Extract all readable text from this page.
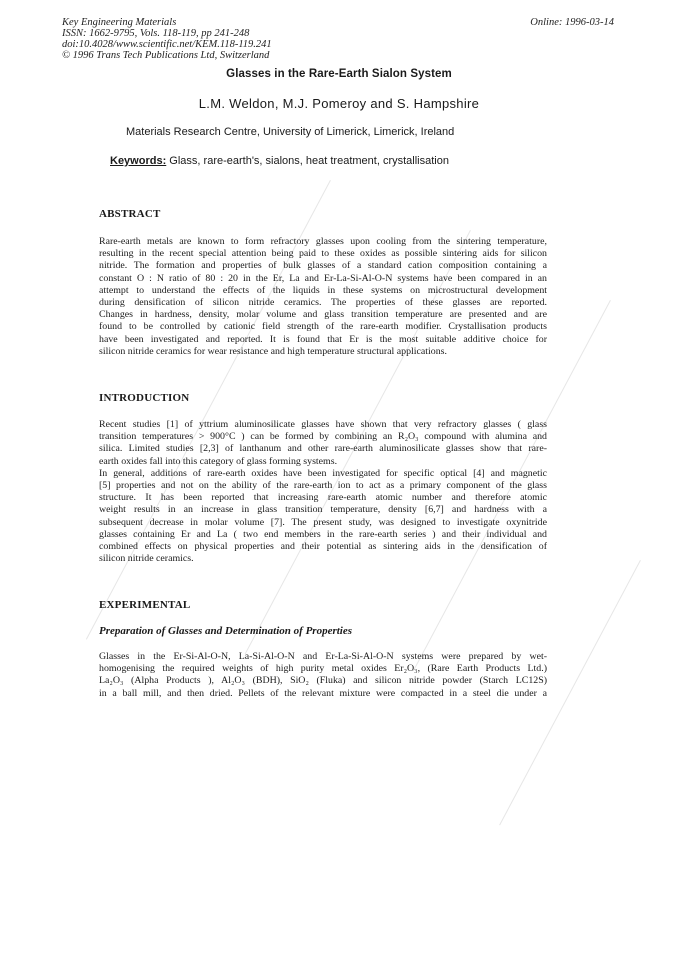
Key Engineering Materials
ISSN: 1662-9795, Vols. 118-119, pp 241-248
doi:10.4028/www.scientific.net/KEM.118-119.241
© 1996 Trans Tech Publications Ltd, Switzerland
Online: 1996-03-14
Glasses in the Rare-Earth Sialon System
L.M. Weldon, M.J. Pomeroy and S. Hampshire
Materials Research Centre, University of Limerick, Limerick, Ireland
Keywords: Glass, rare-earth's, sialons, heat treatment, crystallisation
ABSTRACT
Rare-earth metals are known to form refractory glasses upon cooling from the sintering temperature,
resulting in the recent special attention being paid to these oxides as possible sintering aids for silicon
nitride. The formation and properties of bulk glasses of a standard cation composition containing a
constant O : N ratio of 80 : 20 in the Er, La and Er-La-Si-Al-O-N systems have been compared in an
attempt to understand the effects of the liquids in these systems on microstructural development
during densification of silicon nitride ceramics. The properties of these glasses are reported.
Changes in hardness, density, molar volume and glass transition temperature are presented and are
found to be controlled by cationic field strength of the rare-earth modifier. Crystallisation products
have been investigated and reported. It is found that Er is the most suitable additive choice for
silicon nitride ceramics for wear resistance and high temperature structural applications.
INTRODUCTION
Recent studies [1] of yttrium aluminosilicate glasses have shown that very refractory glasses ( glass
transition temperatures > 900°C ) can be formed by combining an R₂O₃ compound with alumina and
silica. Limited studies [2,3] of lanthanum and other rare-earth aluminosilicate glasses show that rare-
earth oxides fall into this category of glass forming systems.
In general, additions of rare-earth oxides have been investigated for specific optical [4] and magnetic
[5] properties and not on the ability of the rare-earth ion to act as a primary component of the glass
structure. It has been reported that increasing rare-earth atomic number and therefore atomic
weight results in an increase in glass transition temperature, density [6,7] and hardness with a
subsequent decrease in molar volume [7]. The present study, was designed to investigate oxynitride
glasses containing Er and La ( two end members in the rare-earth series ) and their individual and
combined effects on physical properties and their potential as sintering aids in the densification of
silicon nitride ceramics.
EXPERIMENTAL
Preparation of Glasses and Determination of Properties
Glasses in the Er-Si-Al-O-N, La-Si-Al-O-N and Er-La-Si-Al-O-N systems were prepared by wet-
homogenising the required weights of high purity metal oxides Er₂O₃, (Rare Earth Products Ltd.)
La₂O₃ (Alpha Products ), Al₂O₃ (BDH), SiO₂ (Fluka) and silicon nitride powder (Starch LC12S)
in a ball mill, and then dried. Pellets of the relevant mixture were compacted in a steel die under a
